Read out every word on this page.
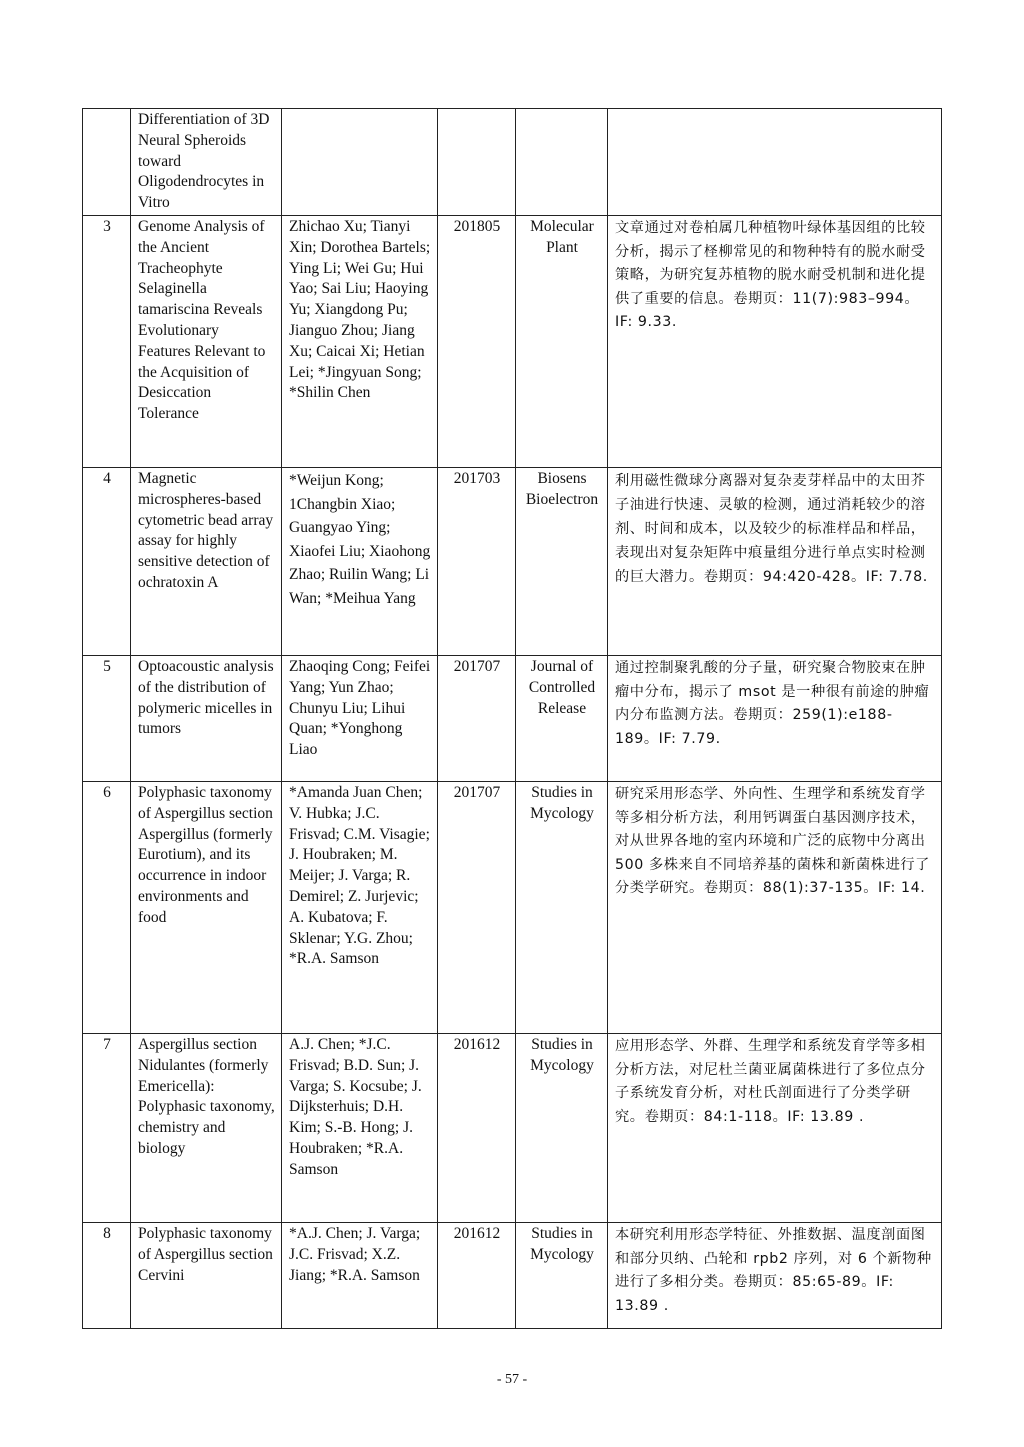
	Differentiation of 3D Neural Spheroids toward Oligodendrocytes in Vitro				
3	Genome Analysis of the Ancient Tracheophyte Selaginella tamariscina Reveals Evolutionary Features Relevant to the Acquisition of Desiccation Tolerance	Zhichao Xu; Tianyi Xin; Dorothea Bartels; Ying Li; Wei Gu; Hui Yao; Sai Liu; Haoying Yu; Xiangdong Pu; Jianguo Zhou; Jiang Xu; Caicai Xi; Hetian Lei; *Jingyuan Song; *Shilin Chen	201805	Molecular Plant	文章通过对卷柏属几种植物叶绿体基因组的比较分析，揭示了柽柳常见的和物种特有的脱水耐受策略，为研究复苏植物的脱水耐受机制和进化提供了重要的信息。卷期页：11(7):983–994。IF: 9.33.
4	Magnetic microspheres-based cytometric bead array assay for highly sensitive detection of ochratoxin A	*Weijun Kong; 1Changbin Xiao; Guangyao Ying; Xiaofei Liu; Xiaohong Zhao; Ruilin Wang; Li Wan; *Meihua Yang	201703	Biosens Bioelectron	利用磁性微球分离器对复杂麦芽样品中的太田芥子油进行快速、灵敏的检测，通过消耗较少的溶剂、时间和成本，以及较少的标准样品和样品，表现出对复杂矩阵中痕量组分进行单点实时检测的巨大潜力。卷期页：94:420-428。IF: 7.78.
5	Optoacoustic analysis of the distribution of polymeric micelles in tumors	Zhaoqing Cong; Feifei Yang; Yun Zhao; Chunyu Liu; Lihui Quan; *Yonghong Liao	201707	Journal of Controlled Release	通过控制聚乳酸的分子量，研究聚合物胶束在肿瘤中分布，揭示了 msot 是一种很有前途的肿瘤内分布监测方法。卷期页：259(1):e188-189。IF: 7.79.
6	Polyphasic taxonomy of Aspergillus section Aspergillus (formerly Eurotium), and its occurrence in indoor environments and food	*Amanda Juan Chen; V. Hubka; J.C. Frisvad; C.M. Visagie; J. Houbraken; M. Meijer; J. Varga; R. Demirel; Z. Jurjevic; A. Kubatova; F. Sklenar; Y.G. Zhou; *R.A. Samson	201707	Studies in Mycology	研究采用形态学、外向性、生理学和系统发育学等多相分析方法，利用钙调蛋白基因测序技术，对从世界各地的室内环境和广泛的底物中分离出 500 多株来自不同培养基的菌株和新菌株进行了分类学研究。卷期页：88(1):37-135。IF: 14.
7	Aspergillus section Nidulantes (formerly Emericella): Polyphasic taxonomy, chemistry and biology	A.J. Chen; *J.C. Frisvad; B.D. Sun; J. Varga; S. Kocsube; J. Dijksterhuis; D.H. Kim; S.-B. Hong; J. Houbraken; *R.A. Samson	201612	Studies in Mycology	应用形态学、外群、生理学和系统发育学等多相分析方法，对尼杜兰菌亚属菌株进行了多位点分子系统发育分析，对杜氏剖面进行了分类学研究。卷期页：84:1-118。IF: 13.89 .
8	Polyphasic taxonomy of Aspergillus section Cervini	*A.J. Chen; J. Varga; J.C. Frisvad; X.Z. Jiang; *R.A. Samson	201612	Studies in Mycology	本研究利用形态学特征、外推数据、温度剖面图和部分贝纳、凸轮和 rpb2 序列，对 6 个新物种进行了多相分类。卷期页：85:65-89。IF: 13.89 .
- 57 -
